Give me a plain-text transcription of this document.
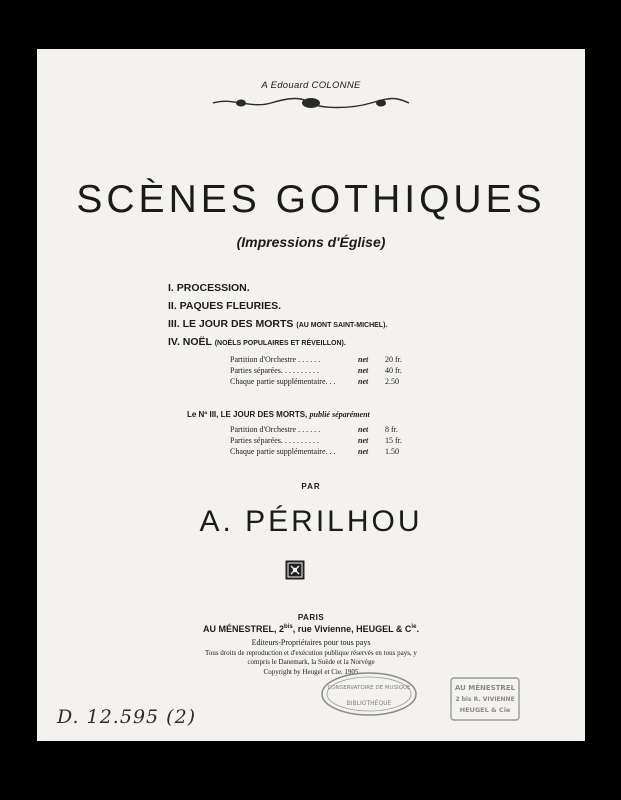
A Edouard COLONNE
SCÈNES GOTHIQUES
(Impressions d'Église)
I. PROCESSION.
II. PAQUES FLEURIES.
III. LE JOUR DES MORTS (AU MONT SAINT-MICHEL).
IV. NOËL (NOËLS POPULAIRES ET RÉVEILLON).
Partition d'Orchestre . . . . . .	net 20 fr.
Parties séparées. . . . . . . . . .	net 40 fr.
Chaque partie supplémentaire. . .	net 2.50
Le Nº III, LE JOUR DES MORTS, publié séparément
Partition d'Orchestre . . . . . .	net 8 fr.
Parties séparées. . . . . . . . . .	net 15 fr.
Chaque partie supplémentaire. . .	net 1.50
PAR
A. PÉRILHOU
PARIS
AU MÉNESTREL, $2^{bis}$, rue Vivienne, HEUGEL & $C^{ie}$.
Editeurs-Propriétaires pour tous pays
Tous droits de reproduction et d'exécution publique réservés en tous pays, y
compris le Danemark, la Suède et la Norvège
Copyright by Heugel et Cie. 1905
CONSERVATOIRE DE MUSIQUE
BIBLIOTHÈQUE
AU MÉNESTREL
2 bis R. VIVIENNE
HEUGEL & Cie
D. 12.595 (2)
